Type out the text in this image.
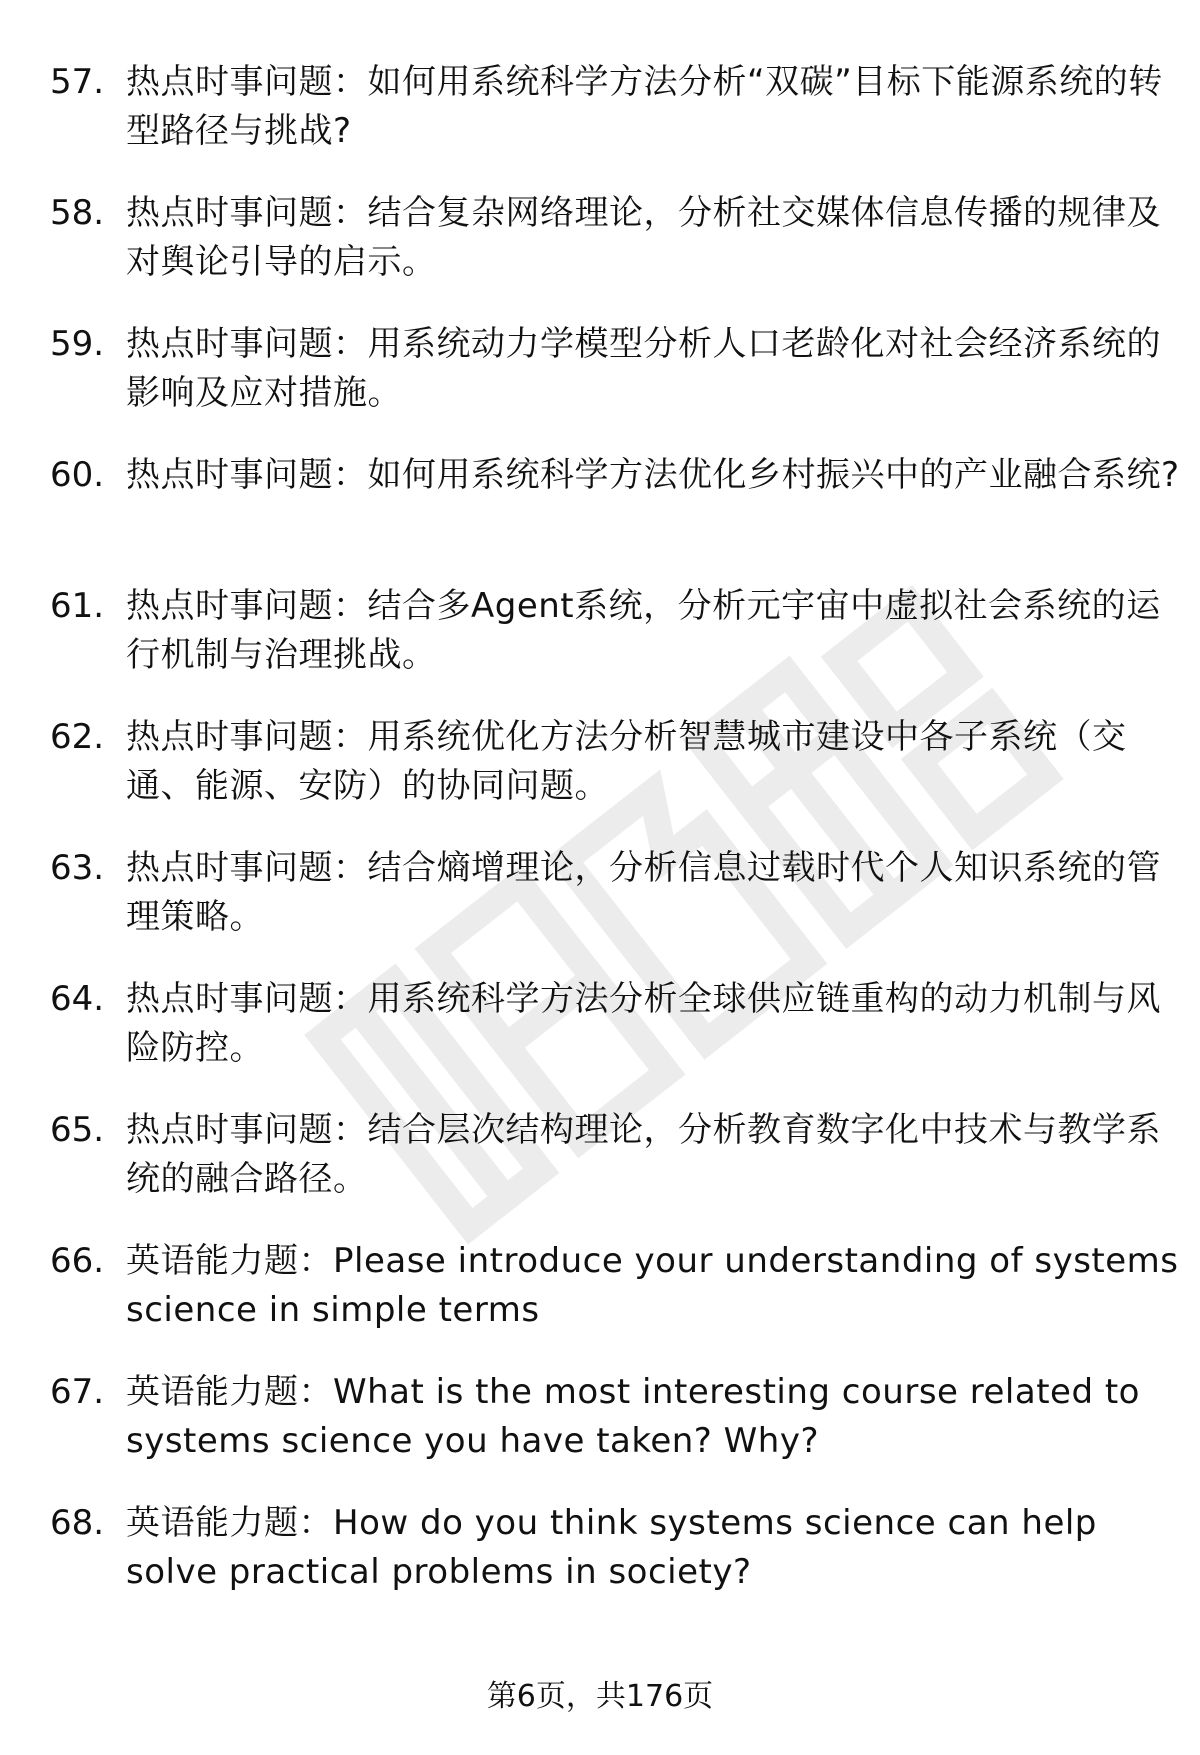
57. 热点时事问题：如何用系统科学方法分析“双碳”目标下能源系统的转型路径与挑战?
58. 热点时事问题：结合复杂网络理论，分析社交媒体信息传播的规律及对舆论引导的启示。
59. 热点时事问题：用系统动力学模型分析人口老龄化对社会经济系统的影响及应对措施。
60. 热点时事问题：如何用系统科学方法优化乡村振兴中的产业融合系统?
61. 热点时事问题：结合多Agent系统，分析元宇宙中虚拟社会系统的运行机制与治理挑战。
62. 热点时事问题：用系统优化方法分析智慧城市建设中各子系统（交通、能源、安防）的协同问题。
63. 热点时事问题：结合熵增理论，分析信息过载时代个人知识系统的管理策略。
64. 热点时事问题：用系统科学方法分析全球供应链重构的动力机制与风险防控。
65. 热点时事问题：结合层次结构理论，分析教育数字化中技术与教学系统的融合路径。
66. 英语能力题：Please introduce your understanding of systems science in simple terms
67. 英语能力题：What is the most interesting course related to systems science you have taken? Why?
68. 英语能力题：How do you think systems science can help solve practical problems in society?
第6页，共176页
